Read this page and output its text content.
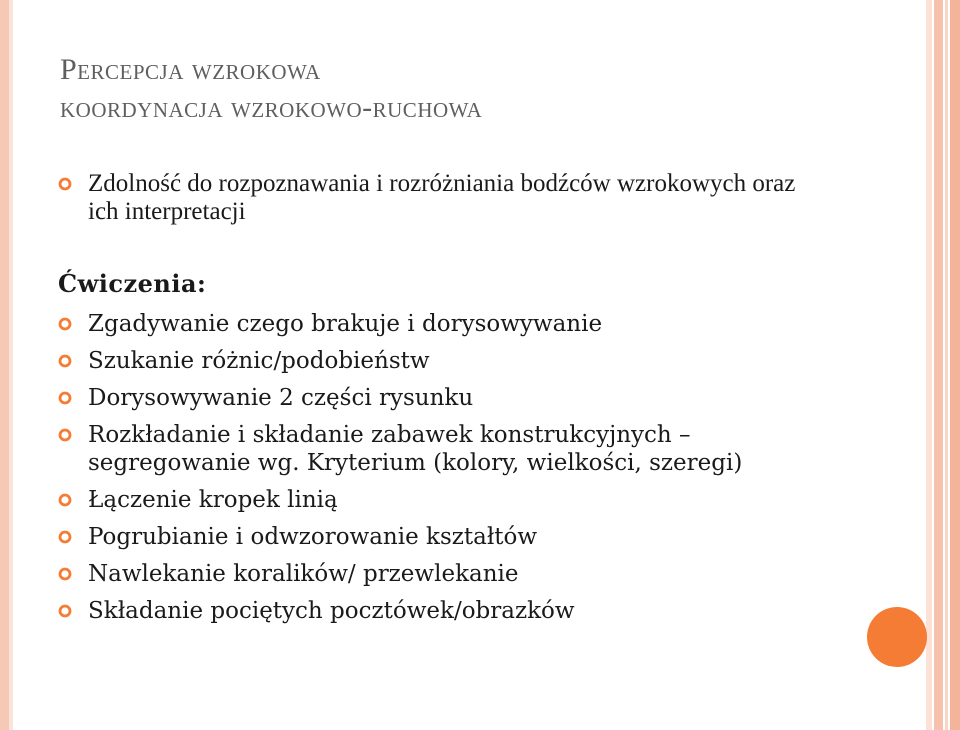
Percepcja wzrokowa
koordynacja wzrokowo-ruchowa
Zdolność do rozpoznawania i rozróżniania bodźców wzrokowych oraz ich interpretacji
Ćwiczenia:
Zgadywanie czego brakuje i dorysowywanie
Szukanie różnic/podobieństw
Dorysowywanie 2 części rysunku
Rozkładanie i składanie zabawek konstrukcyjnych – segregowanie wg. Kryterium (kolory, wielkości, szeregi)
Łączenie kropek linią
Pogrubianie i odwzorowanie kształtów
Nawlekanie koralików/ przewlekanie
Składanie pociętych pocztówek/obrazków
